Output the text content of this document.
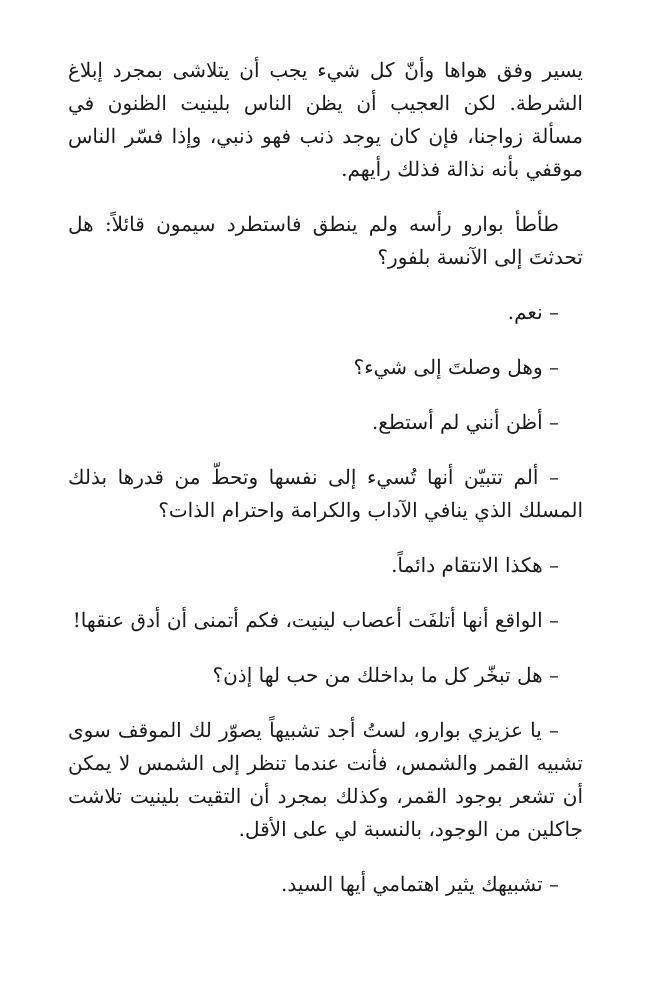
يسير وفق هواها وأنّ كل شيء يجب أن يتلاشى بمجرد إبلاغ الشرطة. لكن العجيب أن يظن الناس بلينيت الظنون في مسألة زواجنا، فإن كان يوجد ذنب فهو ذنبي، وإذا فسّر الناس موقفي بأنه نذالة فذلك رأيهم.

طأطأ بوارو رأسه ولم ينطق فاستطرد سيمون قائلاً: هل تحدثتَ إلى الآنسة بلفور؟

– نعم.

– وهل وصلتَ إلى شيء؟

– أظن أنني لم أستطع.

– ألم تتبيّن أنها تُسيء إلى نفسها وتحطّ من قدرها بذلك المسلك الذي ينافي الآداب والكرامة واحترام الذات؟

– هكذا الانتقام دائماً.

– الواقع أنها أتلفَت أعصاب لينيت، فكم أتمنى أن أدق عنقها!

– هل تبخّر كل ما بداخلك من حب لها إذن؟

– يا عزيزي بوارو، لستُ أجد تشبيهاً يصوّر لك الموقف سوى تشبيه القمر والشمس، فأنت عندما تنظر إلى الشمس لا يمكن أن تشعر بوجود القمر، وكذلك بمجرد أن التقيت بلينيت تلاشت جاكلين من الوجود، بالنسبة لي على الأقل.

– تشبيهك يثير اهتمامي أيها السيد.
